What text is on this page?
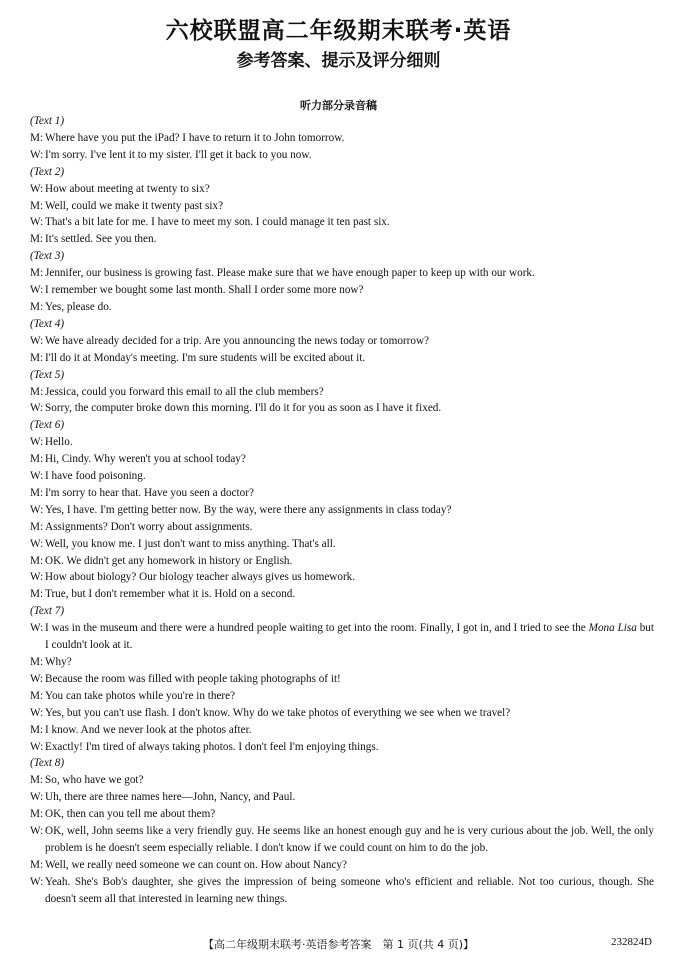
六校联盟高二年级期末联考·英语
参考答案、提示及评分细则
听力部分录音稿
(Text 1)
M: Where have you put the iPad? I have to return it to John tomorrow.
W: I'm sorry. I've lent it to my sister. I'll get it back to you now.
(Text 2)
W: How about meeting at twenty to six?
M: Well, could we make it twenty past six?
W: That's a bit late for me. I have to meet my son. I could manage it ten past six.
M: It's settled. See you then.
(Text 3)
M: Jennifer, our business is growing fast. Please make sure that we have enough paper to keep up with our work.
W: I remember we bought some last month. Shall I order some more now?
M: Yes, please do.
(Text 4)
W: We have already decided for a trip. Are you announcing the news today or tomorrow?
M: I'll do it at Monday's meeting. I'm sure students will be excited about it.
(Text 5)
M: Jessica, could you forward this email to all the club members?
W: Sorry, the computer broke down this morning. I'll do it for you as soon as I have it fixed.
(Text 6)
W: Hello.
M: Hi, Cindy. Why weren't you at school today?
W: I have food poisoning.
M: I'm sorry to hear that. Have you seen a doctor?
W: Yes, I have. I'm getting better now. By the way, were there any assignments in class today?
M: Assignments? Don't worry about assignments.
W: Well, you know me. I just don't want to miss anything. That's all.
M: OK. We didn't get any homework in history or English.
W: How about biology? Our biology teacher always gives us homework.
M: True, but I don't remember what it is. Hold on a second.
(Text 7)
W: I was in the museum and there were a hundred people waiting to get into the room. Finally, I got in, and I tried to see the Mona Lisa but I couldn't look at it.
M: Why?
W: Because the room was filled with people taking photographs of it!
M: You can take photos while you're in there?
W: Yes, but you can't use flash. I don't know. Why do we take photos of everything we see when we travel?
M: I know. And we never look at the photos after.
W: Exactly! I'm tired of always taking photos. I don't feel I'm enjoying things.
(Text 8)
M: So, who have we got?
W: Uh, there are three names here—John, Nancy, and Paul.
M: OK, then can you tell me about them?
W: OK, well, John seems like a very friendly guy. He seems like an honest enough guy and he is very curious about the job. Well, the only problem is he doesn't seem especially reliable. I don't know if we could count on him to do the job.
M: Well, we really need someone we can count on. How about Nancy?
W: Yeah. She's Bob's daughter, she gives the impression of being someone who's efficient and reliable. Not too curious, though. She doesn't seem all that interested in learning new things.
【高二年级期末联考·英语参考答案　第 1 页(共 4 页)】	232824D
